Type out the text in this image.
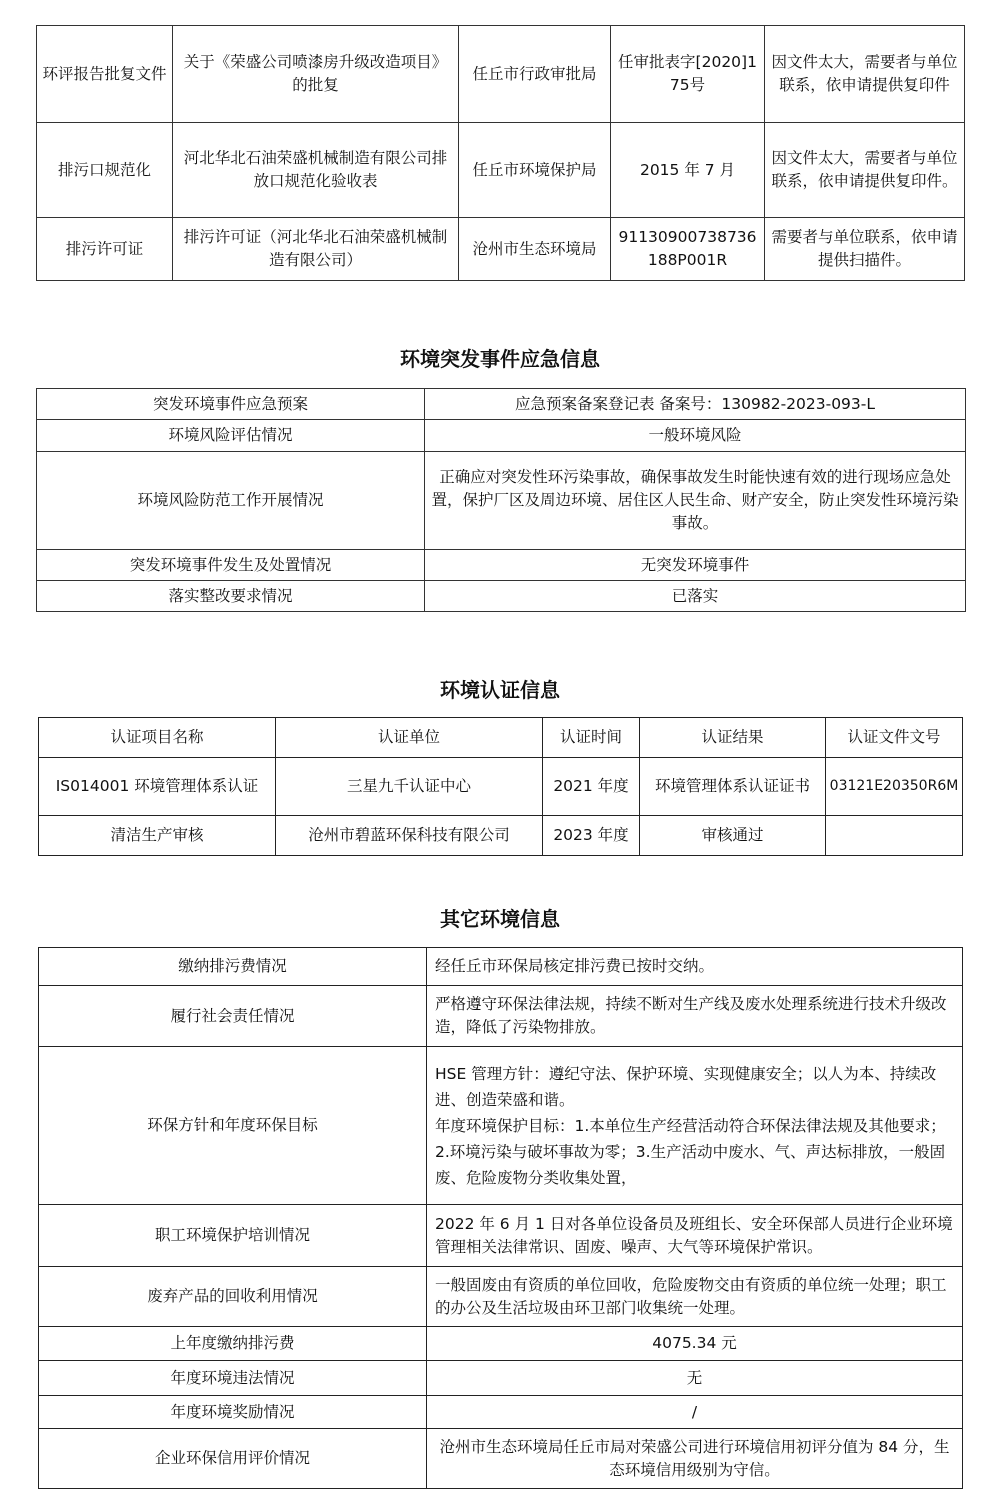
环评报告批复文件	关于《荣盛公司喷漆房升级改造项目》的批复	任丘市行政审批局	任审批表字[2020]175号	因文件太大，需要者与单位联系，依申请提供复印件
排污口规范化	河北华北石油荣盛机械制造有限公司排放口规范化验收表	任丘市环境保护局	2015 年 7 月	因文件太大，需要者与单位联系，依申请提供复印件。
排污许可证	排污许可证（河北华北石油荣盛机械制造有限公司）	沧州市生态环境局	91130900738736188P001R	需要者与单位联系，依申请提供扫描件。
环境突发事件应急信息
突发环境事件应急预案	应急预案备案登记表 备案号：130982-2023-093-L
环境风险评估情况	一般环境风险
环境风险防范工作开展情况	正确应对突发性环污染事故，确保事故发生时能快速有效的进行现场应急处置，保护厂区及周边环境、居住区人民生命、财产安全，防止突发性环境污染事故。
突发环境事件发生及处置情况	无突发环境事件
落实整改要求情况	已落实
环境认证信息
认证项目名称	认证单位	认证时间	认证结果	认证文件文号
IS014001 环境管理体系认证	三星九千认证中心	2021 年度	环境管理体系认证证书	03121E20350R6M
清洁生产审核	沧州市碧蓝环保科技有限公司	2023 年度	审核通过	
其它环境信息
缴纳排污费情况	经任丘市环保局核定排污费已按时交纳。
履行社会责任情况	严格遵守环保法律法规，持续不断对生产线及废水处理系统进行技术升级改造，降低了污染物排放。
环保方针和年度环保目标	HSE 管理方针：遵纪守法、保护环境、实现健康安全；以人为本、持续改进、创造荣盛和谐。
年度环境保护目标：1.本单位生产经营活动符合环保法律法规及其他要求；2.环境污染与破坏事故为零；3.生产活动中废水、气、声达标排放，一般固废、危险废物分类收集处置，

职工环境保护培训情况	2022 年 6 月 1 日对各单位设备员及班组长、安全环保部人员进行企业环境管理相关法律常识、固废、噪声、大气等环境保护常识。
废弃产品的回收利用情况	一般固废由有资质的单位回收，危险废物交由有资质的单位统一处理；职工的办公及生活垃圾由环卫部门收集统一处理。
上年度缴纳排污费	4075.34 元
年度环境违法情况	无
年度环境奖励情况	/
企业环保信用评价情况	沧州市生态环境局任丘市局对荣盛公司进行环境信用初评分值为 84 分，生态环境信用级别为守信。
